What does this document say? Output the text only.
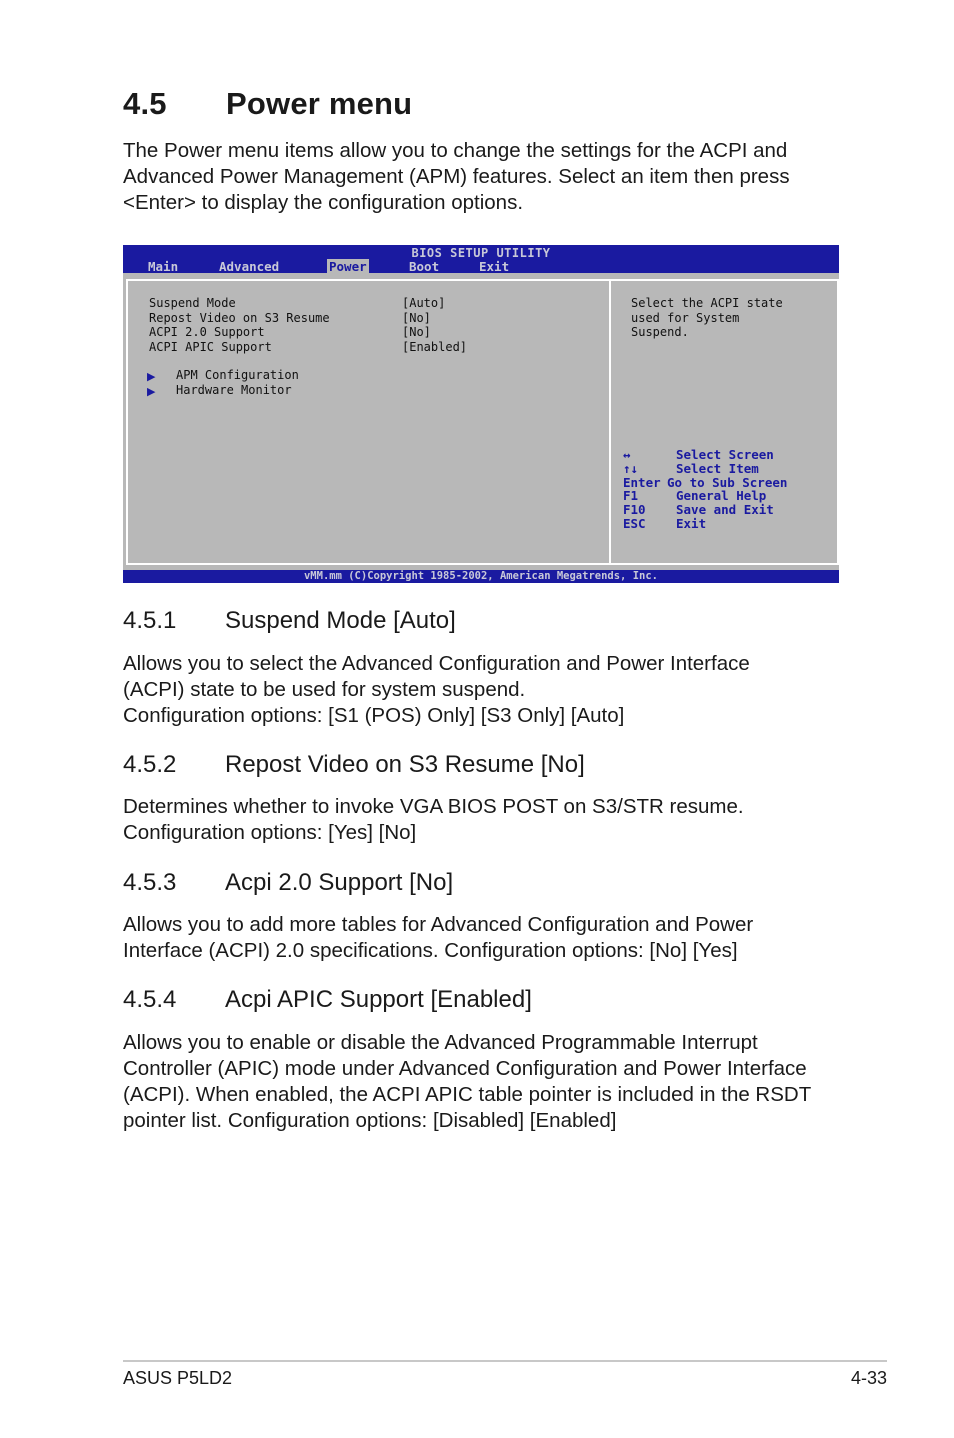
4.5 Power menu

The Power menu items allow you to change the settings for the ACPI and

Advanced Power Management (APM) features. Select an item then press

<Enter> to display the configuration options.

BIOS SETUP UTILITY
Main	Advanced	Power	Boot	Exit
Suspend Mode	[Auto]
Repost Video on S3 Resume	[No]
ACPI 2.0 Support	[No]
ACPI APIC Support	[Enabled]
▶ APM Configuration
▶ Hardware Monitor
Select the ACPI state
used for System
Suspend.
↔	Select Screen
↑↓	Select Item
Enter Go to Sub Screen
F1	General Help
F10 Save and Exit
ESC Exit
vMM.mm (C)Copyright 1985-2002, American Megatrends, Inc.
4.5.1 Suspend Mode [Auto]

Allows you to select the Advanced Configuration and Power Interface

(ACPI) state to be used for system suspend.

Configuration options: [S1 (POS) Only] [S3 Only] [Auto]

4.5.2 Repost Video on S3 Resume [No]

Determines whether to invoke VGA BIOS POST on S3/STR resume.

Configuration options: [Yes] [No]

4.5.3 Acpi 2.0 Support [No]

Allows you to add more tables for Advanced Configuration and Power

Interface (ACPI) 2.0 specifications. Configuration options: [No] [Yes]

4.5.4 Acpi APIC Support [Enabled]

Allows you to enable or disable the Advanced Programmable Interrupt

Controller (APIC) mode under Advanced Configuration and Power Interface

(ACPI). When enabled, the ACPI APIC table pointer is included in the RSDT

pointer list. Configuration options: [Disabled] [Enabled]

ASUS P5LD2	4-33
